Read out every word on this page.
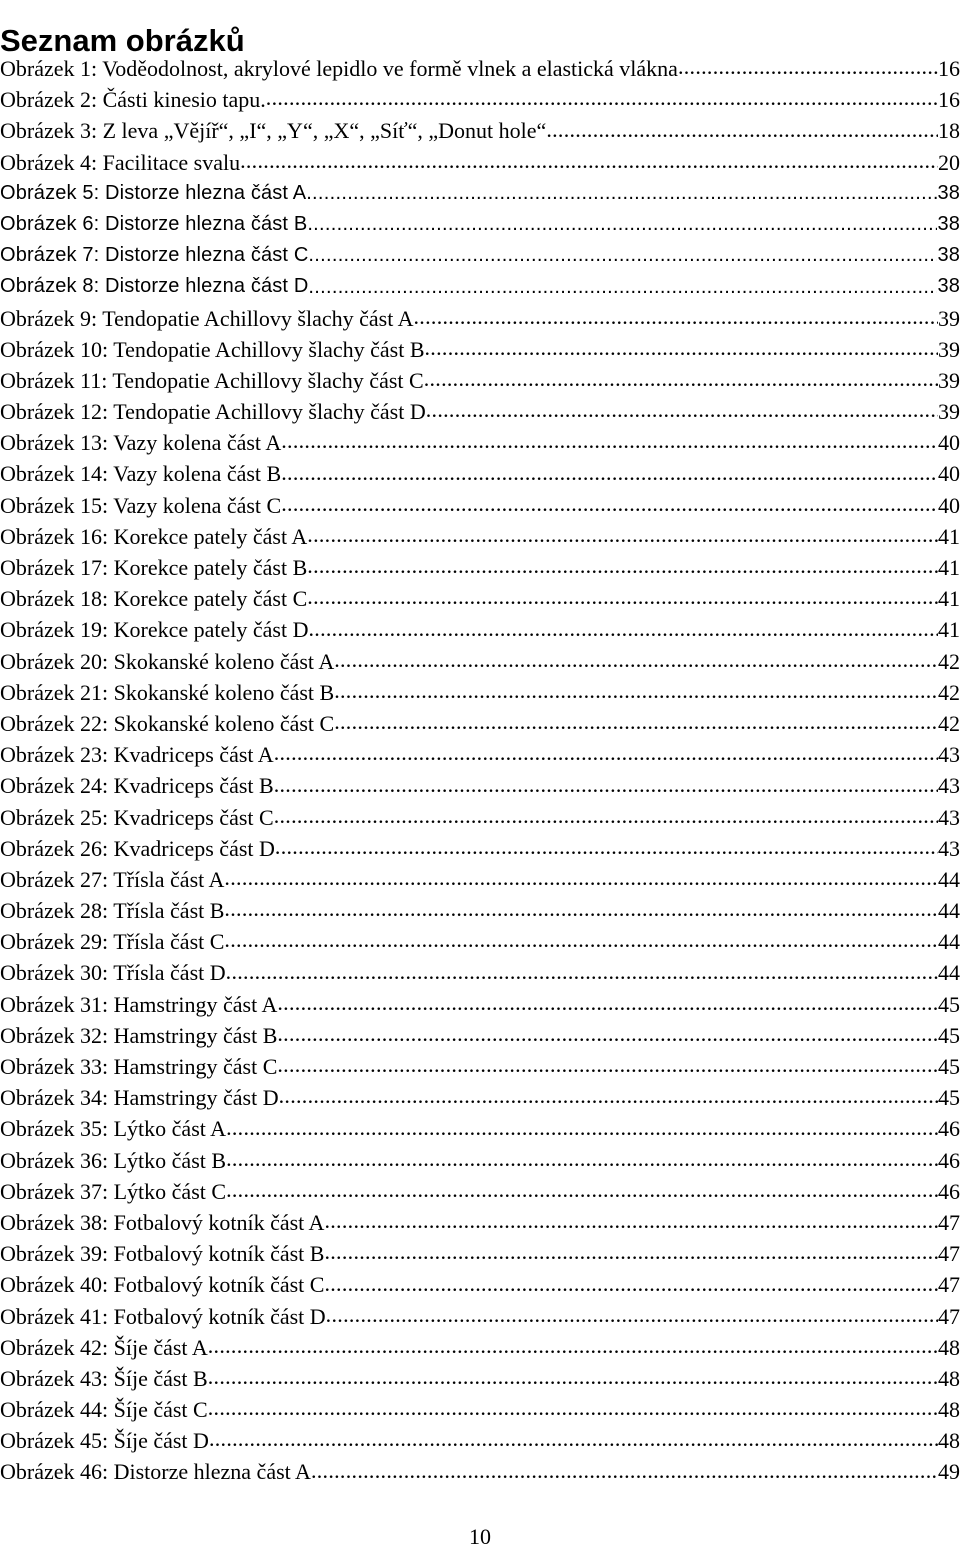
Seznam obrázků
Obrázek 1: Voděodolnost, akrylové lepidlo ve formě vlnek a elastická vlákna .....	16
Obrázek 2: Části kinesio tapu. .....	16
Obrázek 3: Z leva „Vějíř“, „I“, „Y“, „X“, „Síť“, „Donut hole“ .....	18
Obrázek 4: Facilitace svalu .....	20
Obrázek 5: Distorze hlezna část A .....	38
Obrázek 6: Distorze hlezna část B .....	38
Obrázek 7: Distorze hlezna část C .....	38
Obrázek 8: Distorze hlezna část D .....	38
Obrázek 9: Tendopatie Achillovy šlachy část A .....	39
Obrázek 10: Tendopatie Achillovy šlachy část B .....	39
Obrázek 11: Tendopatie Achillovy šlachy část C .....	39
Obrázek 12: Tendopatie Achillovy šlachy část D .....	39
Obrázek 13: Vazy kolena část A .....	40
Obrázek 14: Vazy kolena část B .....	40
Obrázek 15: Vazy kolena část C .....	40
Obrázek 16: Korekce pately část A .....	41
Obrázek 17: Korekce pately část B .....	41
Obrázek 18: Korekce pately část C .....	41
Obrázek 19: Korekce pately část D .....	41
Obrázek 20: Skokanské koleno část A .....	42
Obrázek 21: Skokanské koleno část B .....	42
Obrázek 22: Skokanské koleno část C .....	42
Obrázek 23: Kvadriceps část A .....	43
Obrázek 24: Kvadriceps část B .....	43
Obrázek 25: Kvadriceps část C .....	43
Obrázek 26: Kvadriceps část D .....	43
Obrázek 27: Třísla část A .....	44
Obrázek 28: Třísla část B .....	44
Obrázek 29: Třísla část C .....	44
Obrázek 30: Třísla část D .....	44
Obrázek 31: Hamstringy část A .....	45
Obrázek 32: Hamstringy část B .....	45
Obrázek 33: Hamstringy část C .....	45
Obrázek 34: Hamstringy část D .....	45
Obrázek 35: Lýtko část A .....	46
Obrázek 36: Lýtko část B .....	46
Obrázek 37: Lýtko část C .....	46
Obrázek 38: Fotbalový kotník část A .....	47
Obrázek 39: Fotbalový kotník část B .....	47
Obrázek 40: Fotbalový kotník část C .....	47
Obrázek 41: Fotbalový kotník část D .....	47
Obrázek 42: Šíje část A .....	48
Obrázek 43: Šíje část B .....	48
Obrázek 44: Šíje část C .....	48
Obrázek 45: Šíje část D .....	48
Obrázek 46: Distorze hlezna část A .....	49
10
